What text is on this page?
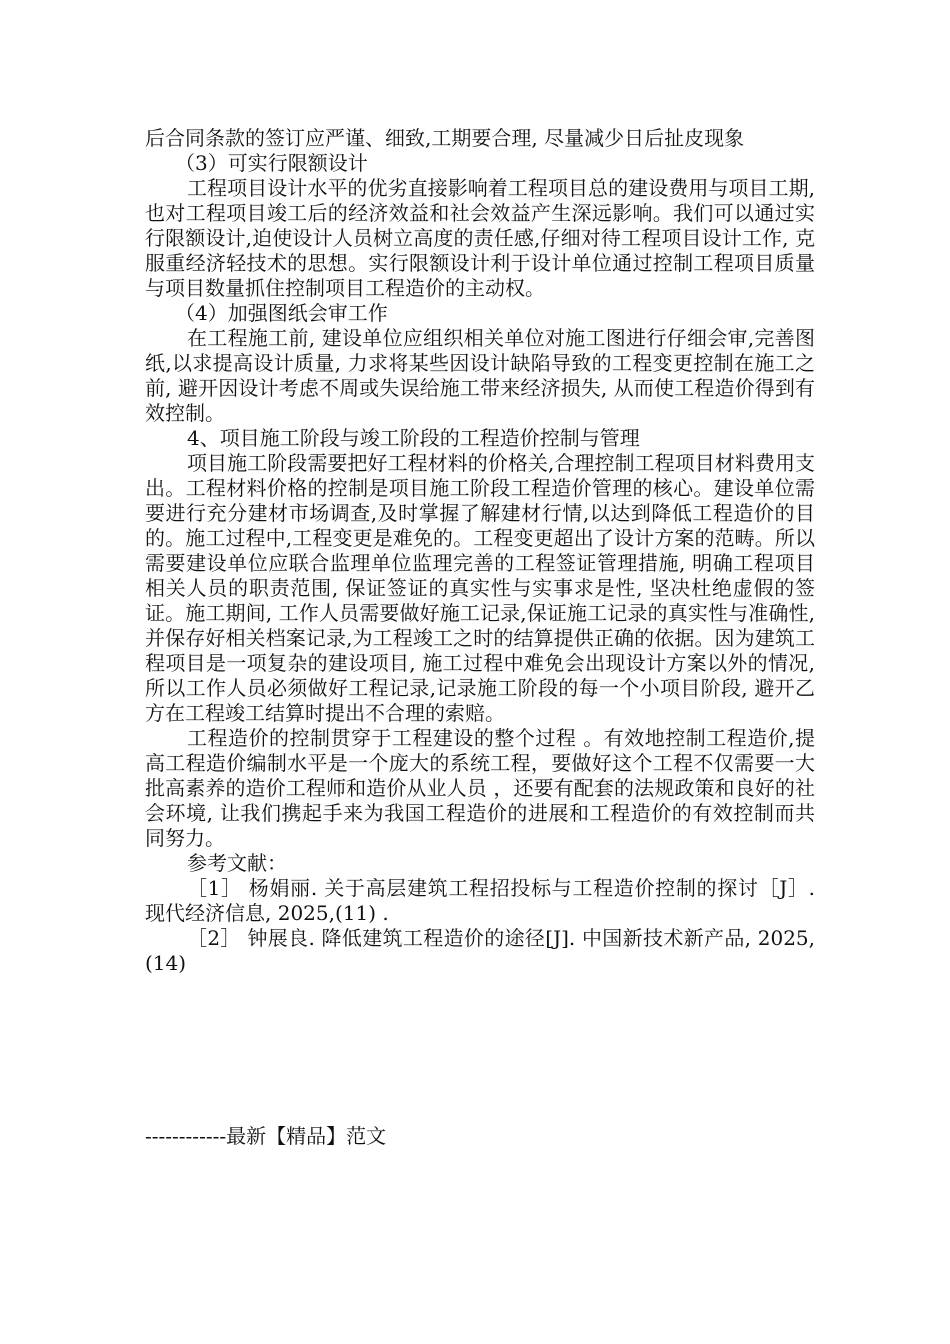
后合同条款的签订应严谨、细致,工期要合理, 尽量减少日后扯皮现象

（3）可实行限额设计

工程项目设计水平的优劣直接影响着工程项目总的建设费用与项目工期, 也对工程项目竣工后的经济效益和社会效益产生深远影响。我们可以通过实行限额设计,迫使设计人员树立高度的责任感,仔细对待工程项目设计工作, 克服重经济轻技术的思想。实行限额设计利于设计单位通过控制工程项目质量与项目数量抓住控制项目工程造价的主动权。

（4）加强图纸会审工作

在工程施工前, 建设单位应组织相关单位对施工图进行仔细会审,完善图纸,以求提高设计质量, 力求将某些因设计缺陷导致的工程变更控制在施工之前, 避开因设计考虑不周或失误给施工带来经济损失, 从而使工程造价得到有效控制。

4、项目施工阶段与竣工阶段的工程造价控制与管理

项目施工阶段需要把好工程材料的价格关,合理控制工程项目材料费用支出。工程材料价格的控制是项目施工阶段工程造价管理的核心。建设单位需要进行充分建材市场调查,及时掌握了解建材行情,以达到降低工程造价的目的。施工过程中,工程变更是难免的。工程变更超出了设计方案的范畴。所以需要建设单位应联合监理单位监理完善的工程签证管理措施, 明确工程项目相关人员的职责范围, 保证签证的真实性与实事求是性, 坚决杜绝虚假的签证。施工期间, 工作人员需要做好施工记录,保证施工记录的真实性与准确性,并保存好相关档案记录,为工程竣工之时的结算提供正确的依据。因为建筑工程项目是一项复杂的建设项目, 施工过程中难免会出现设计方案以外的情况, 所以工作人员必须做好工程记录,记录施工阶段的每一个小项目阶段, 避开乙方在工程竣工结算时提出不合理的索赔。

工程造价的控制贯穿于工程建设的整个过程 。有效地控制工程造价,提高工程造价编制水平是一个庞大的系统工程，要做好这个工程不仅需要一大批高素养的造价工程师和造价从业人员 ，还要有配套的法规政策和良好的社会环境, 让我们携起手来为我国工程造价的进展和工程造价的有效控制而共同努力。

参考文献：

［1］ 杨娟丽. 关于高层建筑工程招投标与工程造价控制的探讨［J］. 现代经济信息, 2025,(11) .

［2］ 钟展良. 降低建筑工程造价的途径[J]. 中国新技术新产品, 2025,(14)

------------最新【精品】范文
